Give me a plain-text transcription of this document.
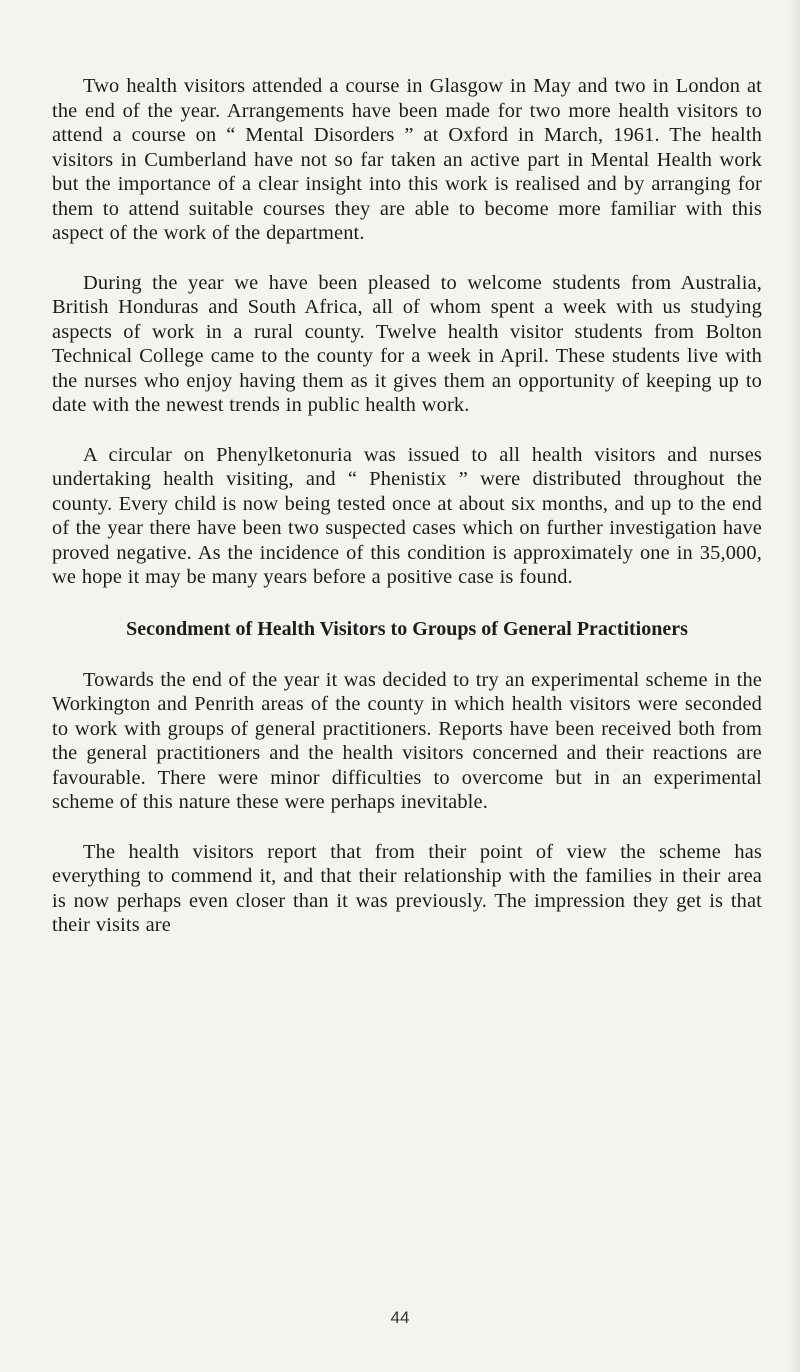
Two health visitors attended a course in Glasgow in May and two in London at the end of the year. Arrangements have been made for two more health visitors to attend a course on “ Mental Disorders ” at Oxford in March, 1961. The health visitors in Cumberland have not so far taken an active part in Mental Health work but the importance of a clear insight into this work is realised and by arranging for them to attend suitable courses they are able to become more familiar with this aspect of the work of the department.

During the year we have been pleased to welcome students from Australia, British Honduras and South Africa, all of whom spent a week with us studying aspects of work in a rural county. Twelve health visitor students from Bolton Technical College came to the county for a week in April. These students live with the nurses who enjoy having them as it gives them an opportunity of keeping up to date with the newest trends in public health work.

A circular on Phenylketonuria was issued to all health visitors and nurses undertaking health visiting, and “ Phenistix ” were distributed throughout the county. Every child is now being tested once at about six months, and up to the end of the year there have been two suspected cases which on further investigation have proved negative. As the incidence of this condition is approximately one in 35,000, we hope it may be many years before a positive case is found.

Secondment of Health Visitors to Groups of General Practitioners

Towards the end of the year it was decided to try an experimental scheme in the Workington and Penrith areas of the county in which health visitors were seconded to work with groups of general practitioners. Reports have been received both from the general practitioners and the health visitors concerned and their reactions are favourable. There were minor difficulties to overcome but in an experimental scheme of this nature these were perhaps inevitable.

The health visitors report that from their point of view the scheme has everything to commend it, and that their relationship with the families in their area is now perhaps even closer than it was previously. The impression they get is that their visits are

44
